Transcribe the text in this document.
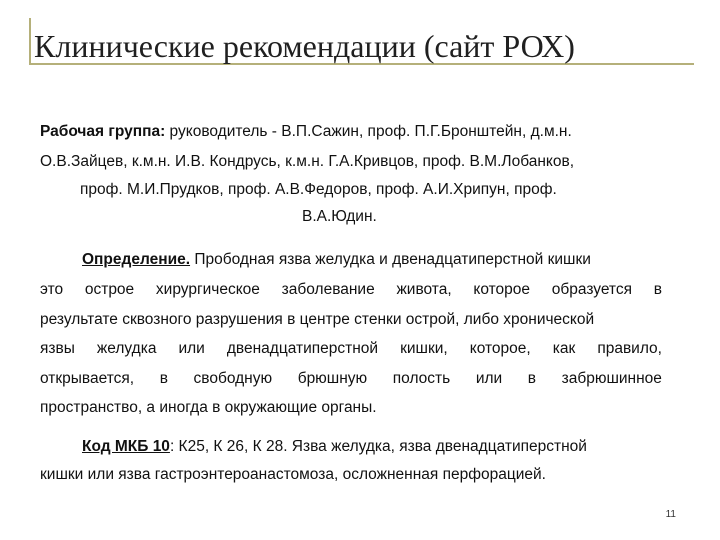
Клинические рекомендации (сайт РОХ)
Рабочая группа: руководитель - В.П.Сажин, проф. П.Г.Бронштейн, д.м.н.
О.В.Зайцев, к.м.н. И.В. Кондрусь, к.м.н. Г.А.Кривцов, проф. В.М.Лобанков,
проф. М.И.Прудков, проф. А.В.Федоров, проф. А.И.Хрипун, проф.
В.А.Юдин.
Определение. Прободная язва желудка и двенадцатиперстной кишки
это острое хирургическое заболевание живота, которое образуется в
результате сквозного разрушения в центре стенки острой, либо хронической
язвы желудка или двенадцатиперстной кишки, которое, как правило,
открывается, в свободную брюшную полость или в забрюшинное
пространство, а иногда в окружающие органы.
Код МКБ 10: К25, К 26, К 28. Язва желудка, язва двенадцатиперстной
кишки или язва гастроэнтероанастомоза, осложненная перфорацией.
11
